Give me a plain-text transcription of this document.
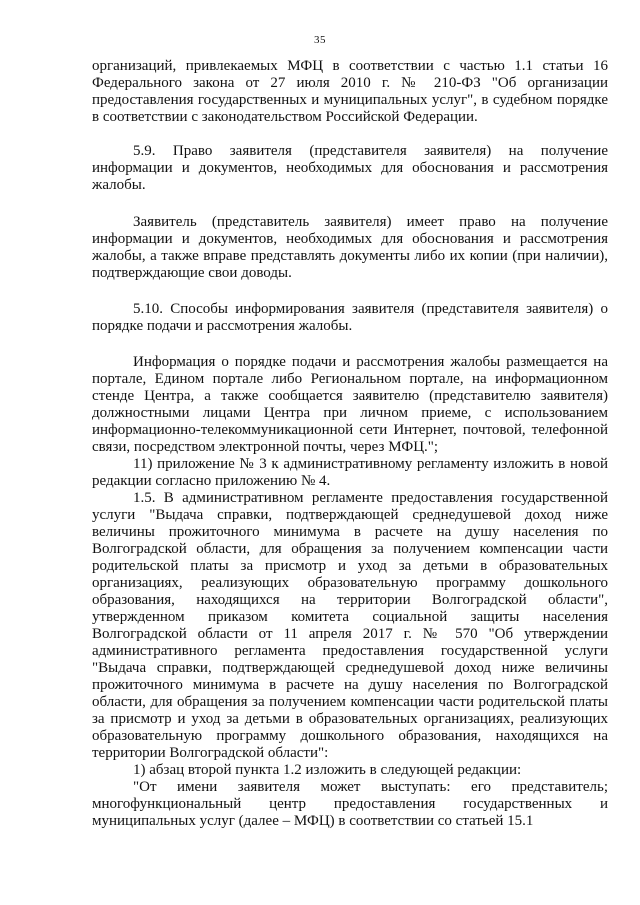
35

организаций, привлекаемых МФЦ в соответствии с частью 1.1 статьи 16 Федерального закона от 27 июля 2010 г. № 210-ФЗ "Об организации предоставления государственных и муниципальных услуг", в судебном порядке в соответствии с законодательством Российской Федерации.

5.9. Право заявителя (представителя заявителя) на получение информации и документов, необходимых для обоснования и рассмотрения жалобы.

Заявитель (представитель заявителя) имеет право на получение информации и документов, необходимых для обоснования и рассмотрения жалобы, а также вправе представлять документы либо их копии (при наличии), подтверждающие свои доводы.

5.10. Способы информирования заявителя (представителя заявителя) о порядке подачи и рассмотрения жалобы.

Информация о порядке подачи и рассмотрения жалобы размещается на портале, Едином портале либо Региональном портале, на информационном стенде Центра, а также сообщается заявителю (представителю заявителя) должностными лицами Центра при личном приеме, с использованием информационно-телекоммуникационной сети Интернет, почтовой, телефонной связи, посредством электронной почты, через МФЦ.";

11) приложение № 3 к административному регламенту изложить в новой редакции согласно приложению № 4.

1.5. В административном регламенте предоставления государственной услуги "Выдача справки, подтверждающей среднедушевой доход ниже величины прожиточного минимума в расчете на душу населения по Волгоградской области, для обращения за получением компенсации части родительской платы за присмотр и уход за детьми в образовательных организациях, реализующих образовательную программу дошкольного образования, находящихся на территории Волгоградской области", утвержденном приказом комитета социальной защиты населения Волгоградской области от 11 апреля 2017 г. № 570 "Об утверждении административного регламента предоставления государственной услуги "Выдача справки, подтверждающей среднедушевой доход ниже величины прожиточного минимума в расчете на душу населения по Волгоградской области, для обращения за получением компенсации части родительской платы за присмотр и уход за детьми в образовательных организациях, реализующих образовательную программу дошкольного образования, находящихся на территории Волгоградской области":

1) абзац второй пункта 1.2 изложить в следующей редакции:

"От имени заявителя может выступать: его представитель; многофункциональный центр предоставления государственных и муниципальных услуг (далее – МФЦ) в соответствии со статьей 15.1
